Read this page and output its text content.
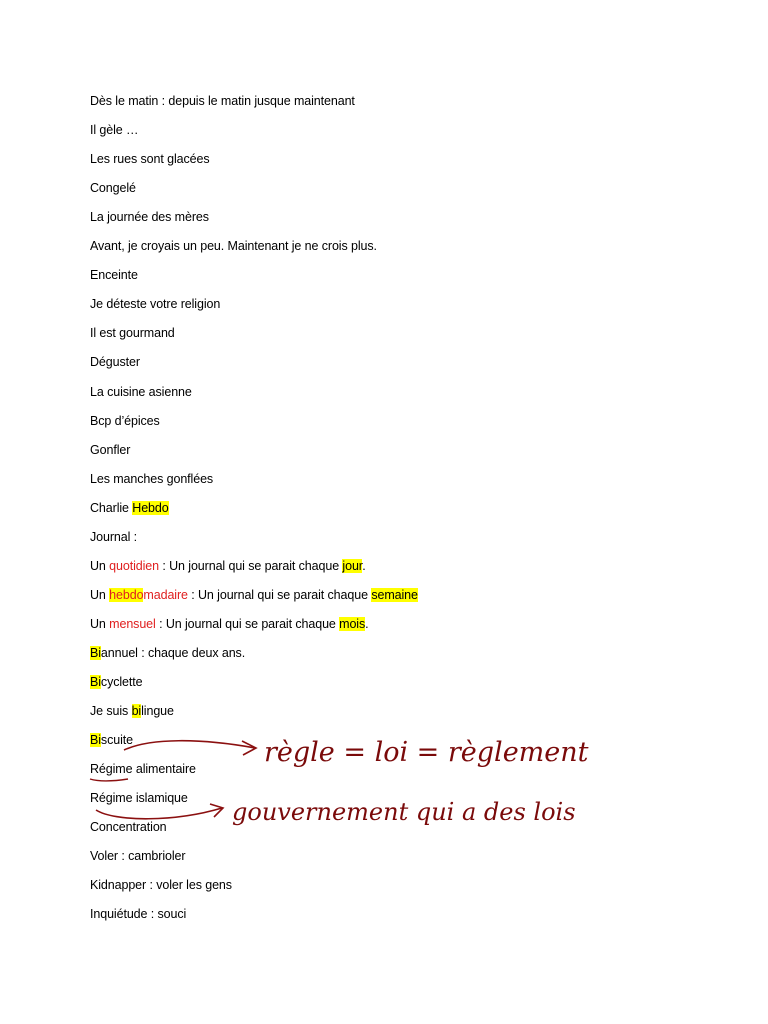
Dès le matin : depuis le matin jusque maintenant
Il gèle …
Les rues sont glacées
Congelé
La journée des mères
Avant, je croyais un peu. Maintenant je ne crois plus.
Enceinte
Je déteste votre religion
Il est gourmand
Déguster
La cuisine asienne
Bcp d’épices
Gonfler
Les manches gonflées
Charlie Hebdo
Journal :
Un quotidien : Un journal qui se parait chaque jour.
Un hebdomadaire : Un journal qui se parait chaque semaine
Un mensuel : Un journal qui se parait chaque mois.
Biannuel : chaque deux ans.
Bicyclette
Je suis bilingue
Biscuite
Régime alimentaire
Régime islamique
Concentration
Voler : cambrioler
Kidnapper : voler les gens
Inquiétude : souci
règle = loi = règlement
gouvernement qui a des lois
